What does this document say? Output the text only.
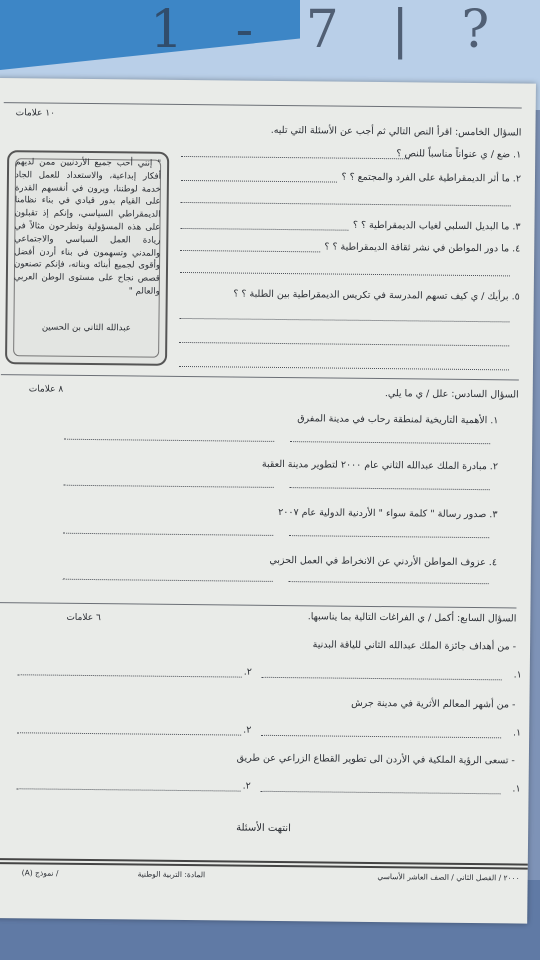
1 - 7 | ?
١٠ علامات
السؤال الخامس: اقرأ النص التالي ثم أجب عن الأسئلة التي تليه.
" إنني أحب جميع الأردنيين ممن لديهم أفكار إبداعية، والاستعداد للعمل الجاد خدمة لوطننا، ويرون في أنفسهم القدرة على القيام بدور قيادي في بناء نظامنا الديمقراطي السياسي، وإنكم إذ تقبلون على هذه المسؤولية وتطرحون مثالاً في ريادة العمل السياسي والاجتماعي والمدني وتسهمون في بناء أردن أفضل وأقوى لجميع أبنائه وبناته، فإنكم تصنعون قصص نجاح على مستوى الوطن العربي والعالم "
عبدالله الثاني بن الحسين
١. ضع / ي عنواناً مناسباً للنص ؟
٢. ما أثر الديمقراطية على الفرد والمجتمع ؟ ؟
٣. ما البديل السلبي لغياب الديمقراطية ؟ ؟
٤. ما دور المواطن في نشر ثقافة الديمقراطية ؟ ؟
٥. برأيك / ي كيف تسهم المدرسة في تكريس الديمقراطية بين الطلبة ؟ ؟
٨ علامات	السؤال السادس: علل / ي ما يلي.
١. الأهمية التاريخية لمنطقة رحاب في مدينة المفرق
٢. مبادرة الملك عبدالله الثاني عام ٢٠٠٠ لتطوير مدينة العقبة
٣. صدور رسالة " كلمة سواء " الأردنية الدولية عام ٢٠٠٧
٤. عزوف المواطن الأردني عن الانخراط في العمل الحزبي
٦ علامات	السؤال السابع: أكمل / ي الفراغات التالية بما يناسبها.
- من أهداف جائزة الملك عبدالله الثاني للياقة البدنية
٢.	١.
- من أشهر المعالم الأثرية في مدينة جرش
٢.	١.
- تسعى الرؤية الملكية في الأردن الى تطوير القطاع الزراعي عن طريق
٢.	١.
انتهت الأسئلة
٢٠٠٠ / الفصل الثاني / الصف العاشر الأساسي
المادة: التربية الوطنية
/ نموذج (A)
